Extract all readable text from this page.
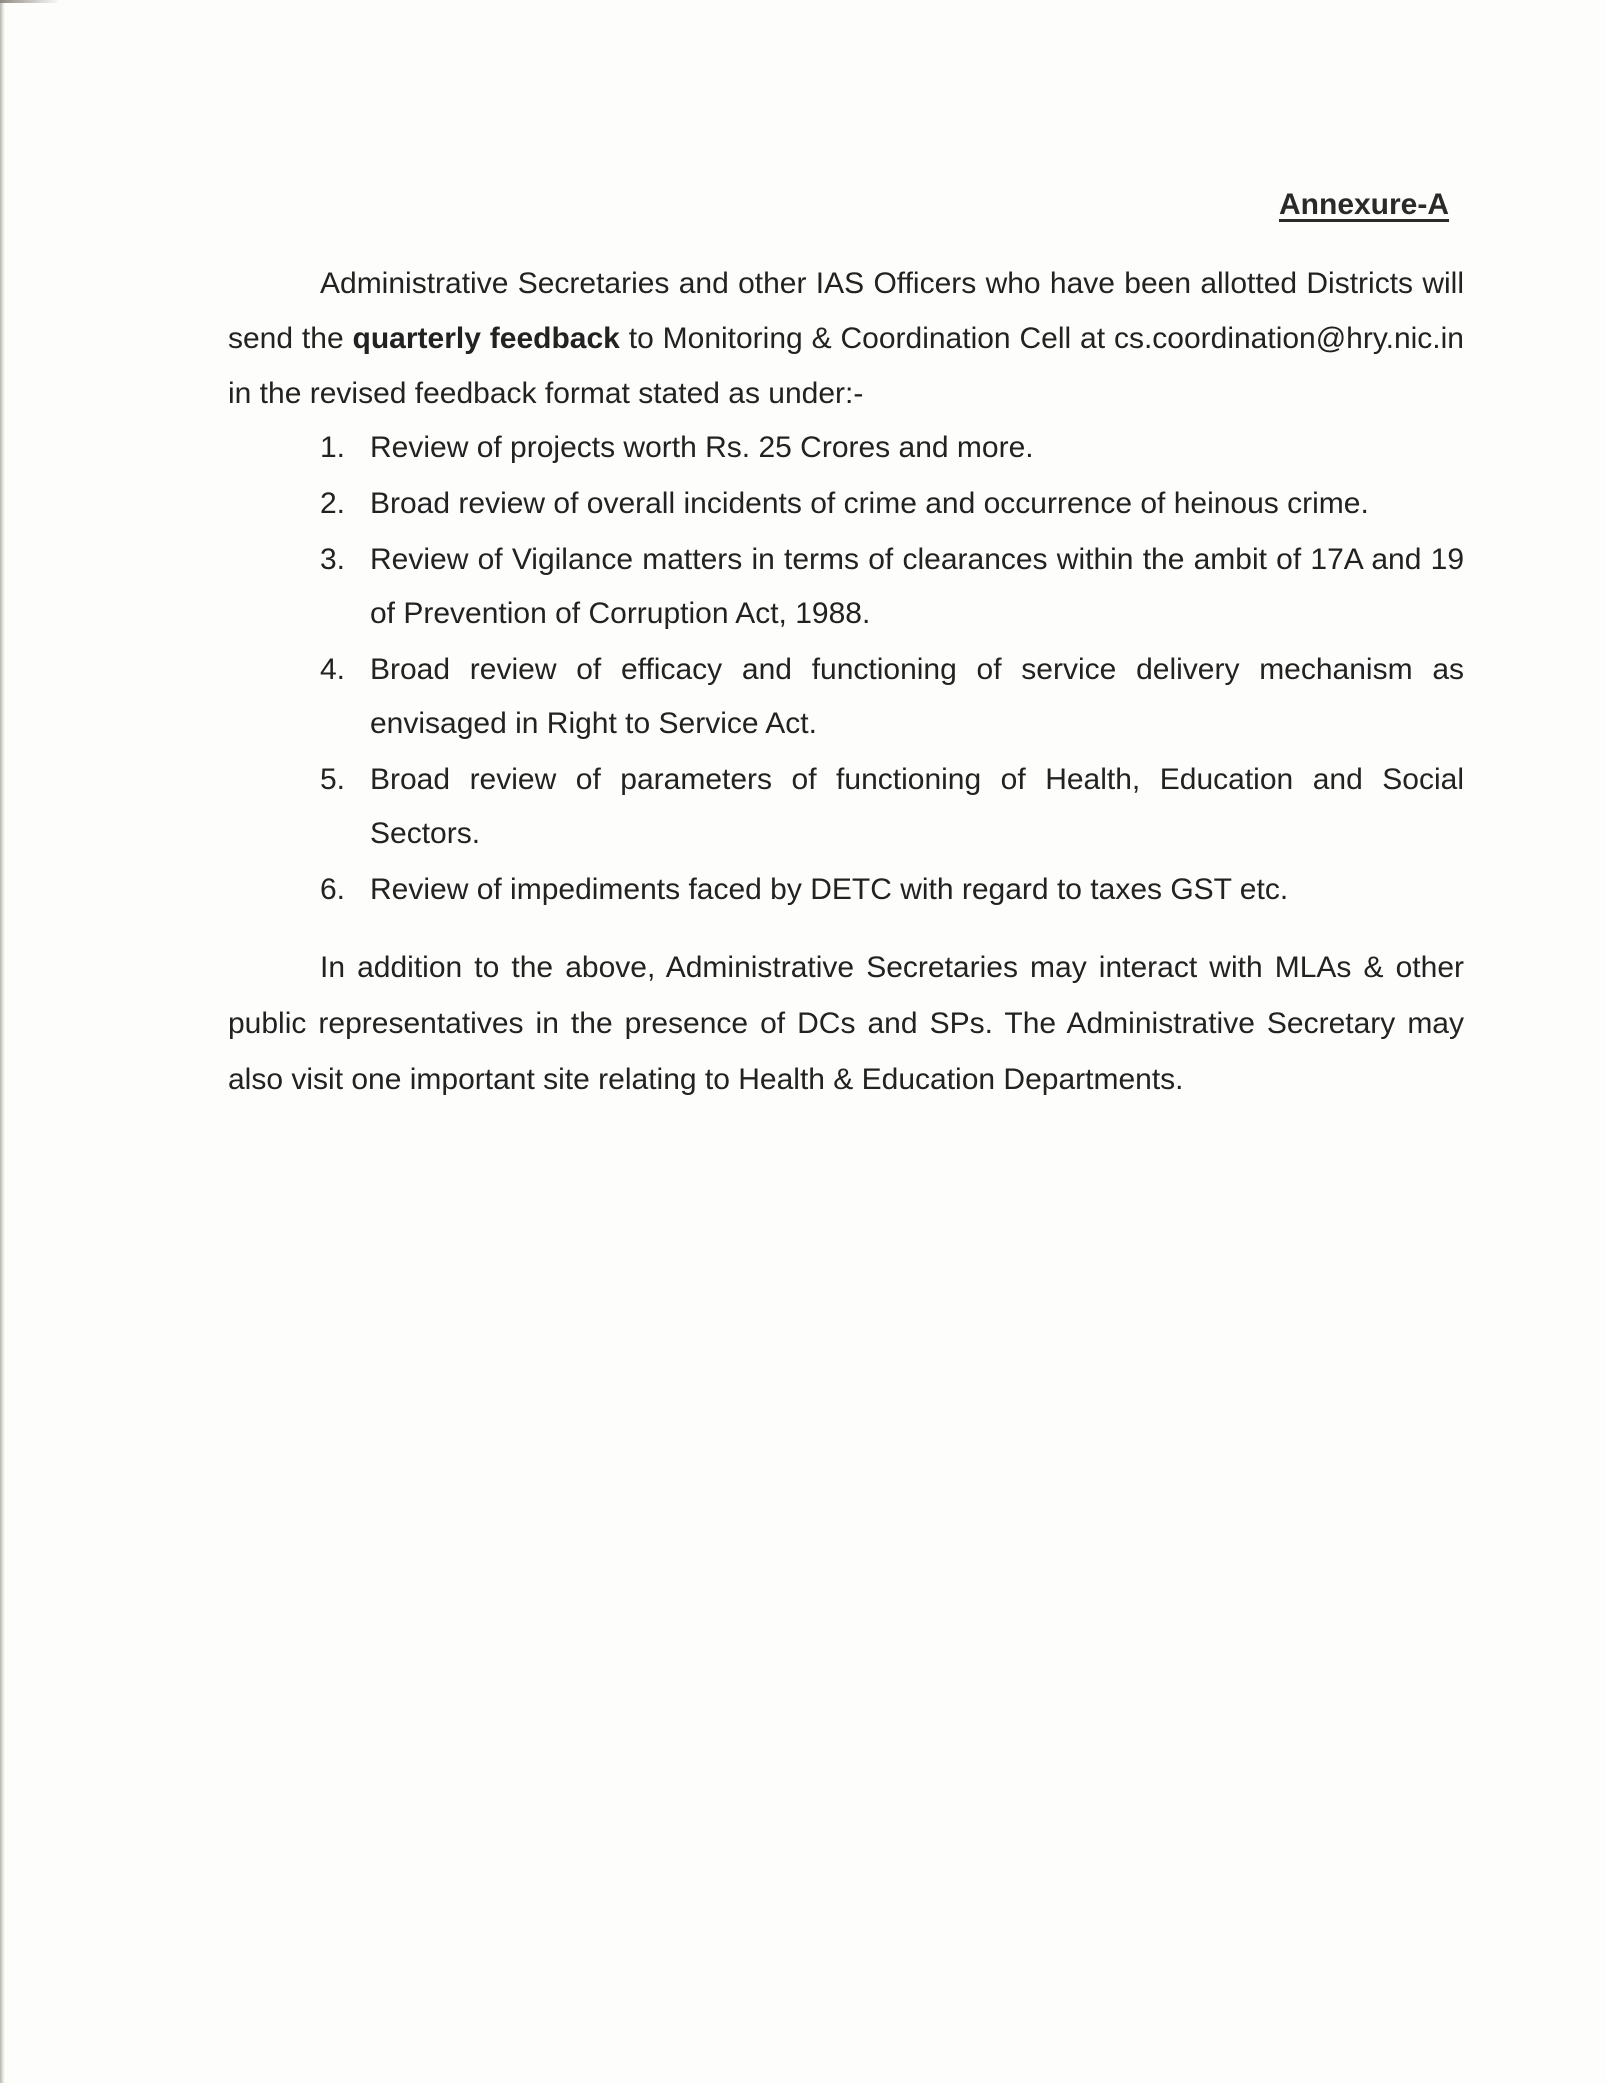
Annexure-A

Administrative Secretaries and other IAS Officers who have been allotted Districts will send the quarterly feedback to Monitoring & Coordination Cell at cs.coordination@hry.nic.in in the revised feedback format stated as under:-

1. Review of projects worth Rs. 25 Crores and more.
2. Broad review of overall incidents of crime and occurrence of heinous crime.
3. Review of Vigilance matters in terms of clearances within the ambit of 17A and 19 of Prevention of Corruption Act, 1988.
4. Broad review of efficacy and functioning of service delivery mechanism as envisaged in Right to Service Act.
5. Broad review of parameters of functioning of Health, Education and Social Sectors.
6. Review of impediments faced by DETC with regard to taxes GST etc.

In addition to the above, Administrative Secretaries may interact with MLAs & other public representatives in the presence of DCs and SPs. The Administrative Secretary may also visit one important site relating to Health & Education Departments.
